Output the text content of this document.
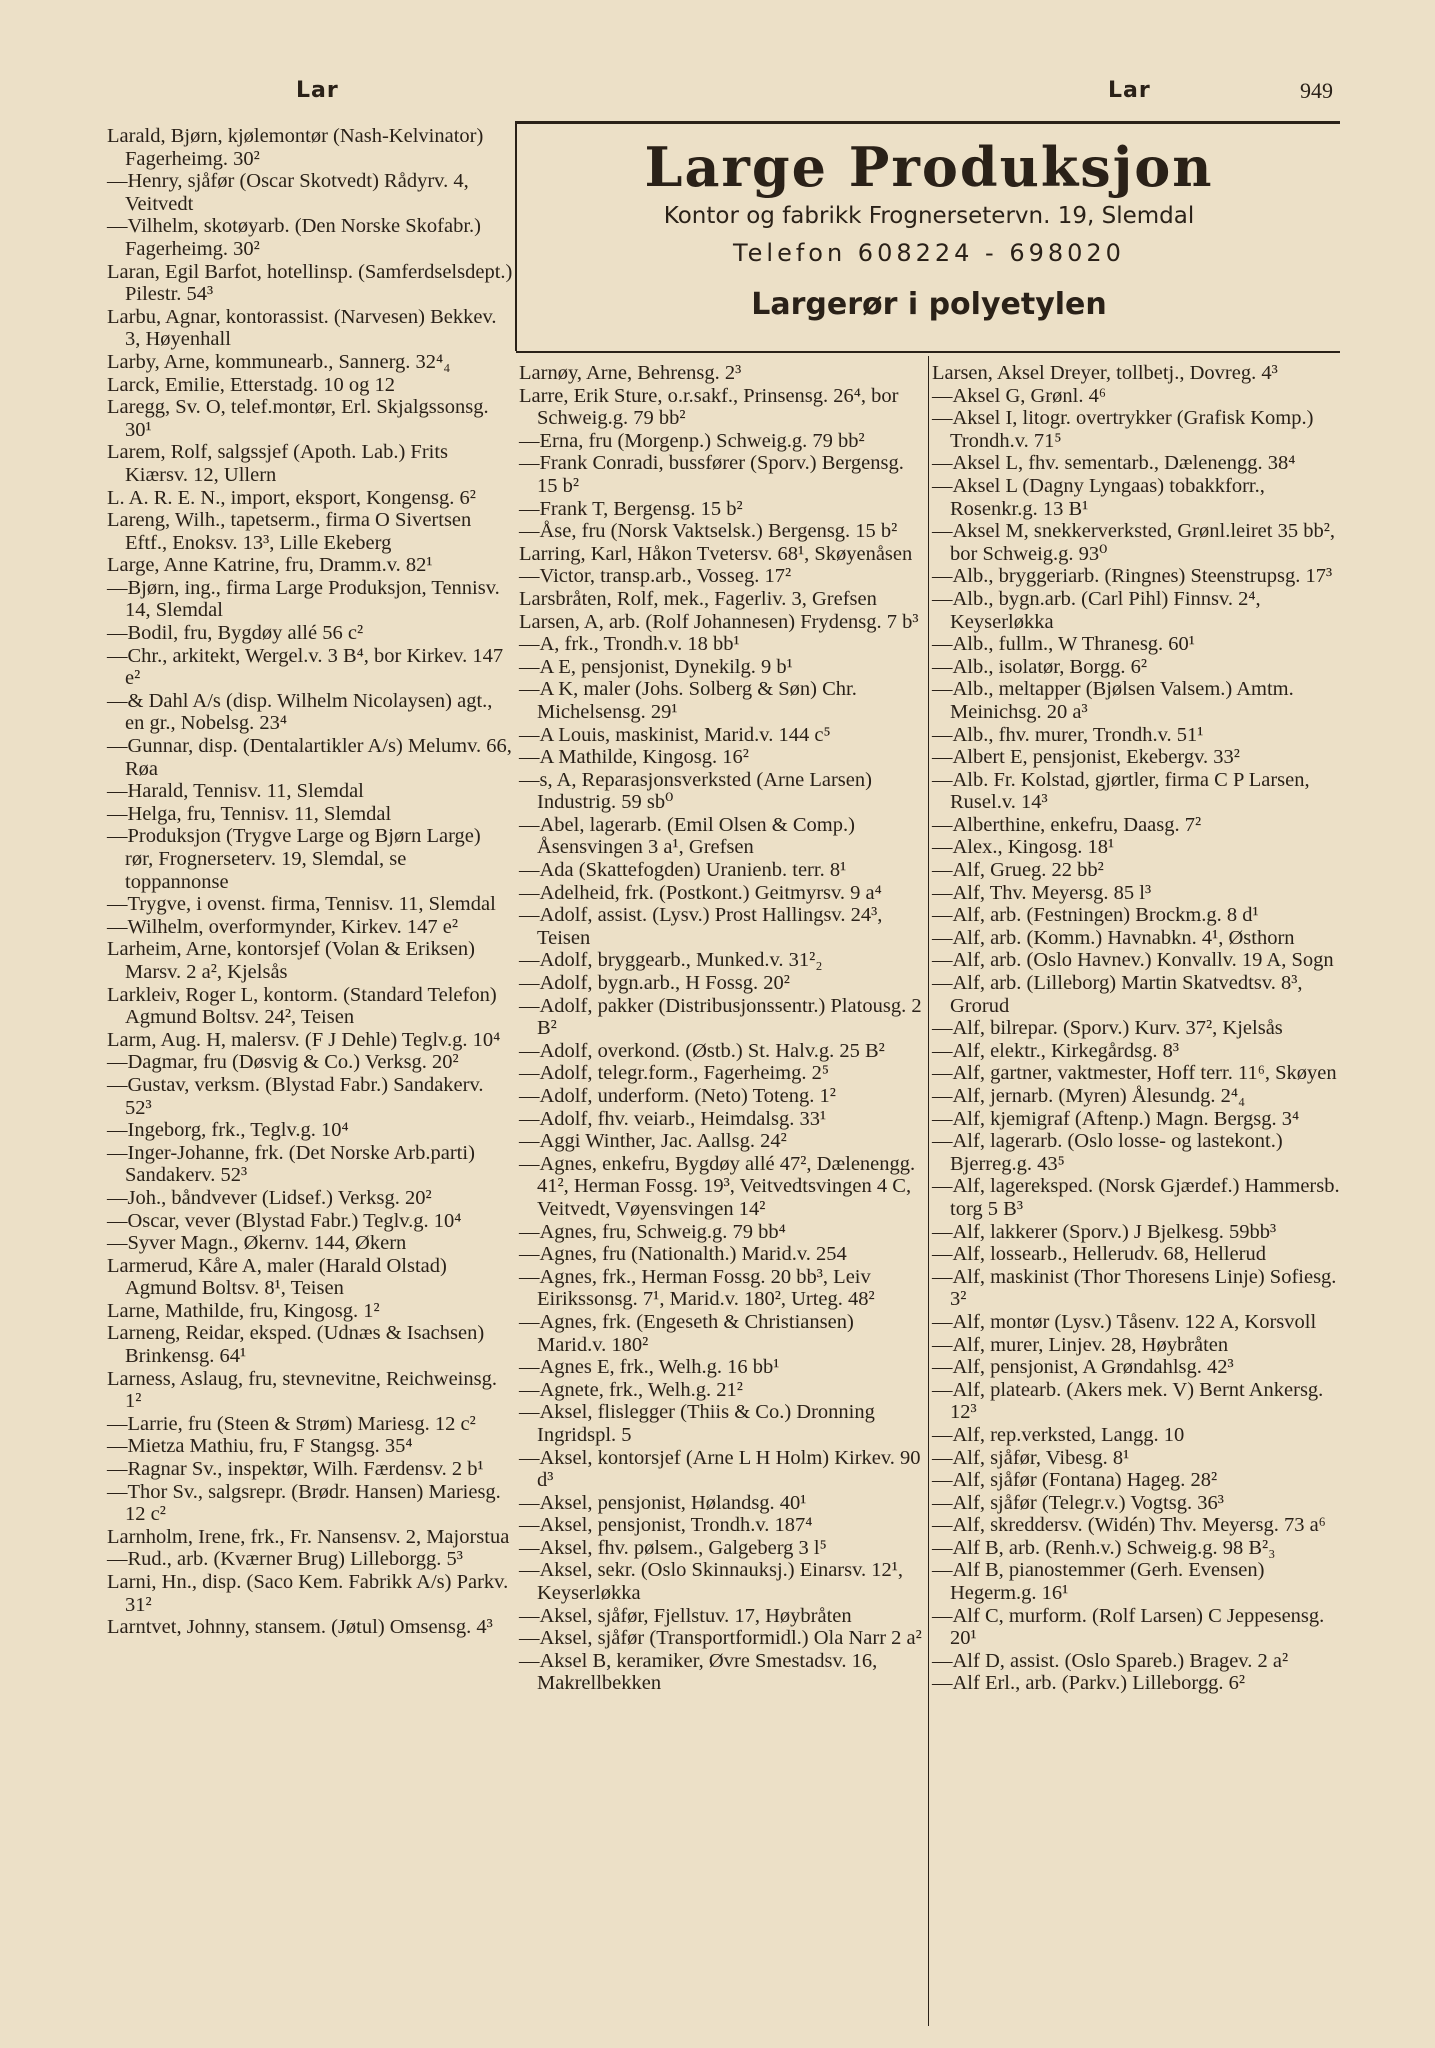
Lar	Lar	949
Large Produksjon
Kontor og fabrikk Frognersetervn. 19, Slemdal
Telefon 608224 - 698020
Largerør i polyetylen

Larald, Bjørn, kjølemontør (Nash-Kelvinator) Fagerheimg. 30²

—Henry, sjåfør (Oscar Skotvedt) Rådyrv. 4, Veitvedt

—Vilhelm, skotøyarb. (Den Norske Skofabr.) Fagerheimg. 30²

Laran, Egil Barfot, hotellinsp. (Samferdselsdept.) Pilestr. 54³

Larbu, Agnar, kontorassist. (Narvesen) Bekkev. 3, Høyenhall

Larby, Arne, kommunearb., Sannerg. 32⁴₄

Larck, Emilie, Etterstadg. 10 og 12

Laregg, Sv. O, telef.montør, Erl. Skjalgssonsg. 30¹

Larem, Rolf, salgssjef (Apoth. Lab.) Frits Kiærsv. 12, Ullern

L. A. R. E. N., import, eksport, Kongensg. 6²

Lareng, Wilh., tapetserm., firma O Sivertsen Eftf., Enoksv. 13³, Lille Ekeberg

Large, Anne Katrine, fru, Dramm.v. 82¹

—Bjørn, ing., firma Large Produksjon, Tennisv. 14, Slemdal

—Bodil, fru, Bygdøy allé 56 c²

—Chr., arkitekt, Wergel.v. 3 B⁴, bor Kirkev. 147 e²

—& Dahl A/s (disp. Wilhelm Nicolaysen) agt., en gr., Nobelsg. 23⁴

—Gunnar, disp. (Dentalartikler A/s) Melumv. 66, Røa

—Harald, Tennisv. 11, Slemdal

—Helga, fru, Tennisv. 11, Slemdal

—Produksjon (Trygve Large og Bjørn Large) rør, Frognerseterv. 19, Slemdal, se toppannonse

—Trygve, i ovenst. firma, Tennisv. 11, Slemdal

—Wilhelm, overformynder, Kirkev. 147 e²

Larheim, Arne, kontorsjef (Volan & Eriksen) Marsv. 2 a², Kjelsås

Larkleiv, Roger L, kontorm. (Standard Telefon) Agmund Boltsv. 24², Teisen

Larm, Aug. H, malersv. (F J Dehle) Teglv.g. 10⁴

—Dagmar, fru (Døsvig & Co.) Verksg. 20²

—Gustav, verksm. (Blystad Fabr.) Sandakerv. 52³

—Ingeborg, frk., Teglv.g. 10⁴

—Inger-Johanne, frk. (Det Norske Arb.parti) Sandakerv. 52³

—Joh., båndvever (Lidsef.) Verksg. 20²

—Oscar, vever (Blystad Fabr.) Teglv.g. 10⁴

—Syver Magn., Økernv. 144, Økern

Larmerud, Kåre A, maler (Harald Olstad) Agmund Boltsv. 8¹, Teisen

Larne, Mathilde, fru, Kingosg. 1²

Larneng, Reidar, eksped. (Udnæs & Isachsen) Brinkensg. 64¹

Larness, Aslaug, fru, stevnevitne, Reichweinsg. 1²

—Larrie, fru (Steen & Strøm) Mariesg. 12 c²

—Mietza Mathiu, fru, F Stangsg. 35⁴

—Ragnar Sv., inspektør, Wilh. Færdensv. 2 b¹

—Thor Sv., salgsrepr. (Brødr. Hansen) Mariesg. 12 c²

Larnholm, Irene, frk., Fr. Nansensv. 2, Majorstua

—Rud., arb. (Kværner Brug) Lilleborgg. 5³

Larni, Hn., disp. (Saco Kem. Fabrikk A/s) Parkv. 31²

Larntvet, Johnny, stansem. (Jøtul) Omsensg. 4³

Larnøy, Arne, Behrensg. 2³

Larre, Erik Sture, o.r.sakf., Prinsensg. 26⁴, bor Schweig.g. 79 bb²

—Erna, fru (Morgenp.) Schweig.g. 79 bb²

—Frank Conradi, bussfører (Sporv.) Bergensg. 15 b²

—Frank T, Bergensg. 15 b²

—Åse, fru (Norsk Vaktselsk.) Bergensg. 15 b²

Larring, Karl, Håkon Tvetersv. 68¹, Skøyenåsen

—Victor, transp.arb., Vosseg. 17²

Larsbråten, Rolf, mek., Fagerliv. 3, Grefsen

Larsen, A, arb. (Rolf Johannesen) Frydensg. 7 b³

—A, frk., Trondh.v. 18 bb¹

—A E, pensjonist, Dynekilg. 9 b¹

—A K, maler (Johs. Solberg & Søn) Chr. Michelsensg. 29¹

—A Louis, maskinist, Marid.v. 144 c⁵

—A Mathilde, Kingosg. 16²

—s, A, Reparasjonsverksted (Arne Larsen) Industrig. 59 sb⁰

—Abel, lagerarb. (Emil Olsen & Comp.) Åsensvingen 3 a¹, Grefsen

—Ada (Skattefogden) Uranienb. terr. 8¹

—Adelheid, frk. (Postkont.) Geitmyrsv. 9 a⁴

—Adolf, assist. (Lysv.) Prost Hallingsv. 24³, Teisen

—Adolf, bryggearb., Munked.v. 31²₂

—Adolf, bygn.arb., H Fossg. 20²

—Adolf, pakker (Distribusjonssentr.) Platousg. 2 B²

—Adolf, overkond. (Østb.) St. Halv.g. 25 B²

—Adolf, telegr.form., Fagerheimg. 2⁵

—Adolf, underform. (Neto) Toteng. 1²

—Adolf, fhv. veiarb., Heimdalsg. 33¹

—Aggi Winther, Jac. Aallsg. 24²

—Agnes, enkefru, Bygdøy allé 47², Dælenengg. 41², Herman Fossg. 19³, Veitvedtsvingen 4 C, Veitvedt, Vøyensvingen 14²

—Agnes, fru, Schweig.g. 79 bb⁴

—Agnes, fru (Nationalth.) Marid.v. 254

—Agnes, frk., Herman Fossg. 20 bb³, Leiv Eirikssonsg. 7¹, Marid.v. 180², Urteg. 48²

—Agnes, frk. (Engeseth & Christiansen) Marid.v. 180²

—Agnes E, frk., Welh.g. 16 bb¹

—Agnete, frk., Welh.g. 21²

—Aksel, flislegger (Thiis & Co.) Dronning Ingridspl. 5

—Aksel, kontorsjef (Arne L H Holm) Kirkev. 90 d³

—Aksel, pensjonist, Hølandsg. 40¹

—Aksel, pensjonist, Trondh.v. 187⁴

—Aksel, fhv. pølsem., Galgeberg 3 l⁵

—Aksel, sekr. (Oslo Skinnauksj.) Einarsv. 12¹, Keyserløkka

—Aksel, sjåfør, Fjellstuv. 17, Høybråten

—Aksel, sjåfør (Transportformidl.) Ola Narr 2 a²

—Aksel B, keramiker, Øvre Smestadsv. 16, Makrellbekken

Larsen, Aksel Dreyer, tollbetj., Dovreg. 4³

—Aksel G, Grønl. 4⁶

—Aksel I, litogr. overtrykker (Grafisk Komp.) Trondh.v. 71⁵

—Aksel L, fhv. sementarb., Dælenengg. 38⁴

—Aksel L (Dagny Lyngaas) tobakkforr., Rosenkr.g. 13 B¹

—Aksel M, snekkerverksted, Grønl.leiret 35 bb², bor Schweig.g. 93⁰

—Alb., bryggeriarb. (Ringnes) Steenstrupsg. 17³

—Alb., bygn.arb. (Carl Pihl) Finnsv. 2⁴, Keyserløkka

—Alb., fullm., W Thranesg. 60¹

—Alb., isolatør, Borgg. 6²

—Alb., meltapper (Bjølsen Valsem.) Amtm. Meinichsg. 20 a³

—Alb., fhv. murer, Trondh.v. 51¹

—Albert E, pensjonist, Ekebergv. 33²

—Alb. Fr. Kolstad, gjørtler, firma C P Larsen, Rusel.v. 14³

—Alberthine, enkefru, Daasg. 7²

—Alex., Kingosg. 18¹

—Alf, Grueg. 22 bb²

—Alf, Thv. Meyersg. 85 l³

—Alf, arb. (Festningen) Brockm.g. 8 d¹

—Alf, arb. (Komm.) Havnabkn. 4¹, Østhorn

—Alf, arb. (Oslo Havnev.) Konvallv. 19 A, Sogn

—Alf, arb. (Lilleborg) Martin Skatvedtsv. 8³, Grorud

—Alf, bilrepar. (Sporv.) Kurv. 37², Kjelsås

—Alf, elektr., Kirkegårdsg. 8³

—Alf, gartner, vaktmester, Hoff terr. 11⁶, Skøyen

—Alf, jernarb. (Myren) Ålesundg. 2⁴₄

—Alf, kjemigraf (Aftenp.) Magn. Bergsg. 3⁴

—Alf, lagerarb. (Oslo losse- og lastekont.) Bjerreg.g. 43⁵

—Alf, lagereksped. (Norsk Gjærdef.) Hammersb. torg 5 B³

—Alf, lakkerer (Sporv.) J Bjelkesg. 59bb³

—Alf, lossearb., Hellerudv. 68, Hellerud

—Alf, maskinist (Thor Thoresens Linje) Sofiesg. 3²

—Alf, montør (Lysv.) Tåsenv. 122 A, Korsvoll

—Alf, murer, Linjev. 28, Høybråten

—Alf, pensjonist, A Grøndahlsg. 42³

—Alf, platearb. (Akers mek. V) Bernt Ankersg. 12³

—Alf, rep.verksted, Langg. 10

—Alf, sjåfør, Vibesg. 8¹

—Alf, sjåfør (Fontana) Hageg. 28²

—Alf, sjåfør (Telegr.v.) Vogtsg. 36³

—Alf, skreddersv. (Widén) Thv. Meyersg. 73 a⁶

—Alf B, arb. (Renh.v.) Schweig.g. 98 B²₃

—Alf B, pianostemmer (Gerh. Evensen) Hegerm.g. 16¹

—Alf C, murform. (Rolf Larsen) C Jeppesensg. 20¹

—Alf D, assist. (Oslo Spareb.) Bragev. 2 a²

—Alf Erl., arb. (Parkv.) Lilleborgg. 6²
